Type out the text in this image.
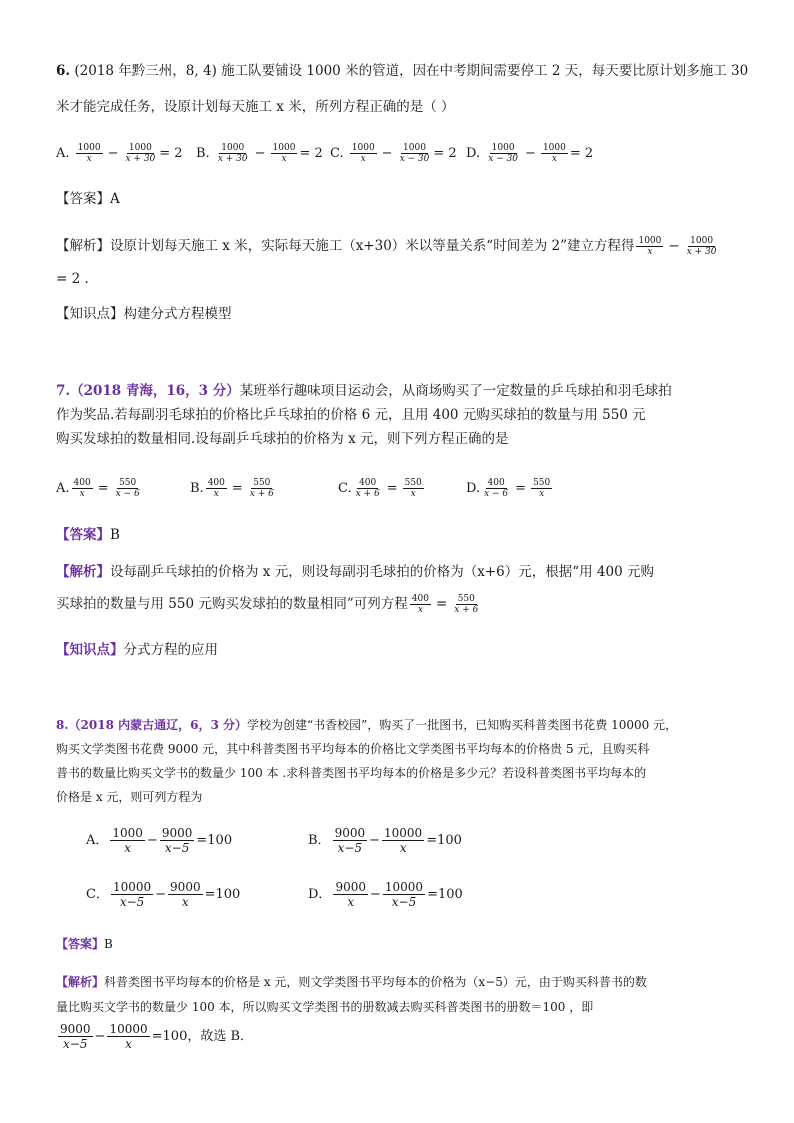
6. (2018 年黔三州，8, 4) 施工队要铺设 1000 米的管道，因在中考期间需要停工 2 天，每天要比原计划多施工 30
米才能完成任务，设原计划每天施工 x 米，所列方程正确的是（ ）
A. $\frac{1000}{x} - \frac{1000}{x + 30} = 2$ B. $\frac{1000}{x + 30} - \frac{1000}{x} = 2$ C. $\frac{1000}{x} - \frac{1000}{x - 30} = 2$ D. $\frac{1000}{x - 30} - \frac{1000}{x} = 2$
【答案】A
【解析】设原计划每天施工 x 米，实际每天施工（x+30）米以等量关系“时间差为 2”建立方程得 $\frac{1000}{x} - \frac{1000}{x + 30}$
= 2 .
【知识点】构建分式方程模型
7.（2018 青海，16，3 分）某班举行趣味项目运动会，从商场购买了一定数量的乒乓球拍和羽毛球拍
作为奖品.若每副羽毛球拍的价格比乒乓球拍的价格 6 元，且用 400 元购买球拍的数量与用 550 元
购买发球拍的数量相同.设每副乒乓球拍的价格为 x 元，则下列方程正确的是
A. $\frac{400}{x} = \frac{550}{x - 6}$	B. $\frac{400}{x} = \frac{550}{x + 6}$	C. $\frac{400}{x + 6} = \frac{550}{x}$	D. $\frac{400}{x - 6} = \frac{550}{x}$
【答案】B
【解析】设每副乒乓球拍的价格为 x 元，则设每副羽毛球拍的价格为（x+6）元，根据“用 400 元购
买球拍的数量与用 550 元购买发球拍的数量相同”可列方程 $\frac{400}{x} = \frac{550}{x + 6}$
【知识点】分式方程的应用
8.（2018 内蒙古通辽，6，3 分）学校为创建“书香校园”，购买了一批图书，已知购买科普类图书花费 10000 元，
购买文学类图书花费 9000 元，其中科普类图书平均每本的价格比文学类图书平均每本的价格贵 5 元，且购买科
普书的数量比购买文学书的数量少 100 本 .求科普类图书平均每本的价格是多少元？若设科普类图书平均每本的
价格是 x 元，则可列方程为
A． $\frac{1000}{x} - \frac{9000}{x-5} =100$	B． $\frac{9000}{x-5} - \frac{10000}{x} =100$
C． $\frac{10000}{x-5} - \frac{9000}{x} =100$	D． $\frac{9000}{x} - \frac{10000}{x-5} =100$
【答案】B
【解析】科普类图书平均每本的价格是 x 元，则文学类图书平均每本的价格为（x−5）元，由于购买科普书的数
量比购买文学书的数量少 100 本，所以购买文学类图书的册数减去购买科普类图书的册数＝100 ，即
$\frac{9000}{x-5} - \frac{10000}{x} =100$，故选 B．
